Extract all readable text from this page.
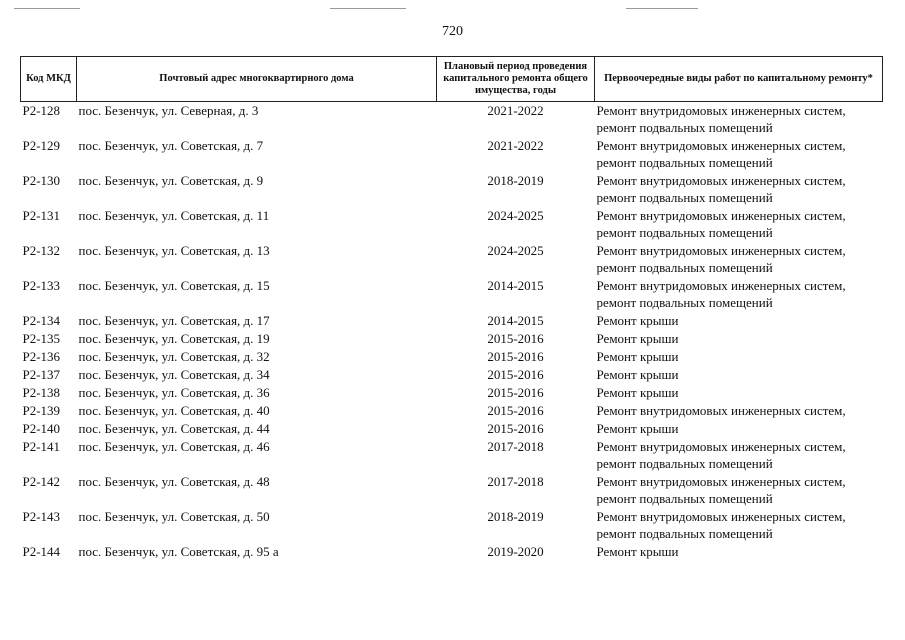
720
Код МКД	Почтовый адрес многоквартирного дома	Плановый период проведения капитального ремонта общего имущества, годы	Первоочередные виды работ по капитальному ремонту*
Р2-128	пос. Безенчук, ул. Северная, д. 3	2021-2022	Ремонт внутридомовых инженерных систем, ремонт подвальных помещений
Р2-129	пос. Безенчук, ул. Советская, д. 7	2021-2022	Ремонт внутридомовых инженерных систем, ремонт подвальных помещений
Р2-130	пос. Безенчук, ул. Советская, д. 9	2018-2019	Ремонт внутридомовых инженерных систем, ремонт подвальных помещений
Р2-131	пос. Безенчук, ул. Советская, д. 11	2024-2025	Ремонт внутридомовых инженерных систем, ремонт подвальных помещений
Р2-132	пос. Безенчук, ул. Советская, д. 13	2024-2025	Ремонт внутридомовых инженерных систем, ремонт подвальных помещений
Р2-133	пос. Безенчук, ул. Советская, д. 15	2014-2015	Ремонт внутридомовых инженерных систем, ремонт подвальных помещений
Р2-134	пос. Безенчук, ул. Советская, д. 17	2014-2015	Ремонт крыши
Р2-135	пос. Безенчук, ул. Советская, д. 19	2015-2016	Ремонт крыши
Р2-136	пос. Безенчук, ул. Советская, д. 32	2015-2016	Ремонт крыши
Р2-137	пос. Безенчук, ул. Советская, д. 34	2015-2016	Ремонт крыши
Р2-138	пос. Безенчук, ул. Советская, д. 36	2015-2016	Ремонт крыши
Р2-139	пос. Безенчук, ул. Советская, д. 40	2015-2016	Ремонт внутридомовых инженерных систем,
Р2-140	пос. Безенчук, ул. Советская, д. 44	2015-2016	Ремонт крыши
Р2-141	пос. Безенчук, ул. Советская, д. 46	2017-2018	Ремонт внутридомовых инженерных систем, ремонт подвальных помещений
Р2-142	пос. Безенчук, ул. Советская, д. 48	2017-2018	Ремонт внутридомовых инженерных систем, ремонт подвальных помещений
Р2-143	пос. Безенчук, ул. Советская, д. 50	2018-2019	Ремонт внутридомовых инженерных систем, ремонт подвальных помещений
Р2-144	пос. Безенчук, ул. Советская, д. 95 а	2019-2020	Ремонт крыши
